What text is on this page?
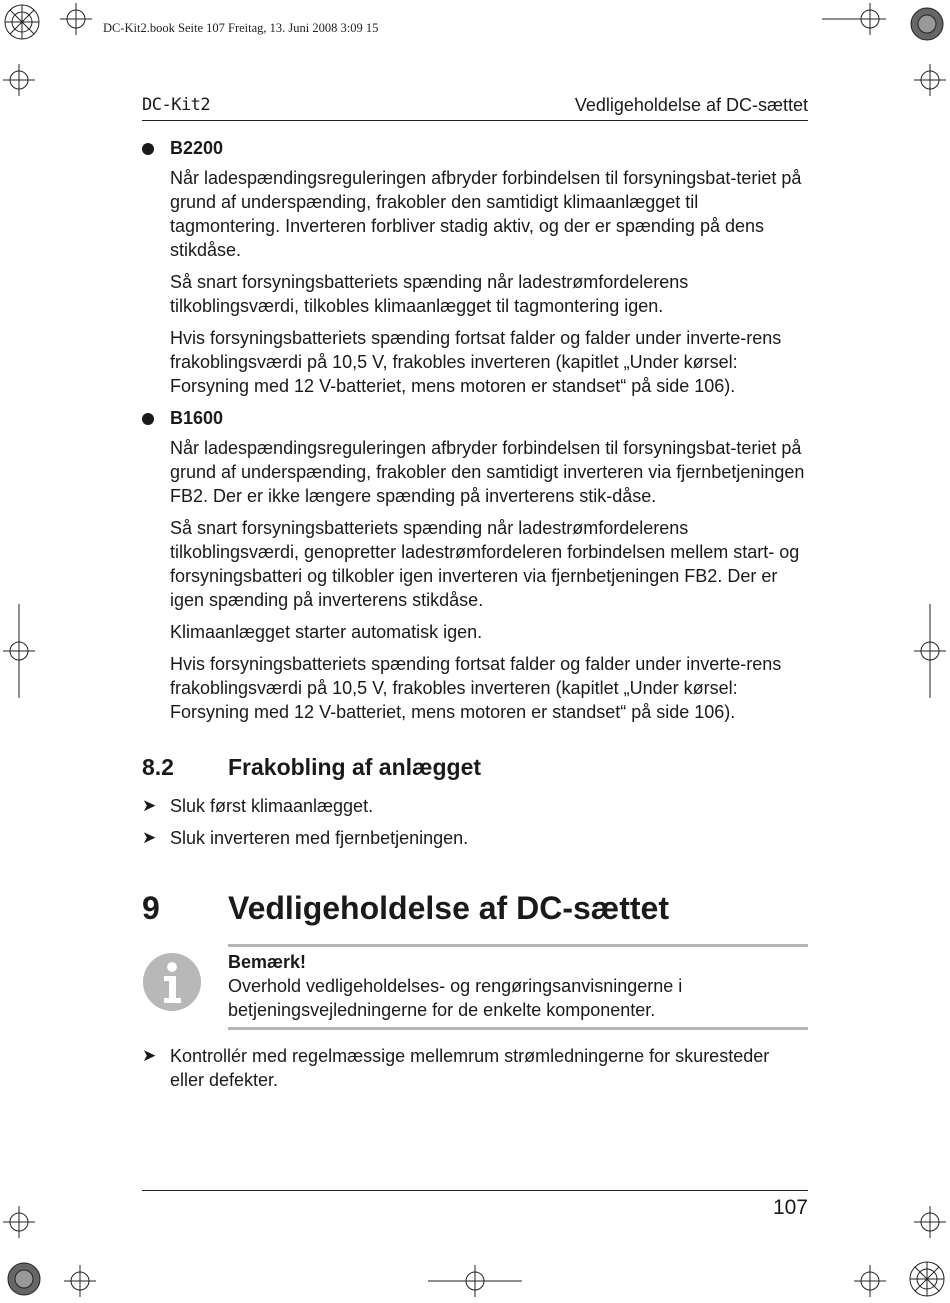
DC-Kit2.book Seite 107 Freitag, 13. Juni 2008 3:09 15
DC-Kit2	Vedligeholdelse af DC-sættet
B2200

Når ladespændingsreguleringen afbryder forbindelsen til forsyningsbat-teriet på grund af underspænding, frakobler den samtidigt klimaanlægget til tagmontering. Inverteren forbliver stadig aktiv, og der er spænding på dens stikdåse.

Så snart forsyningsbatteriets spænding når ladestrømfordelerens tilkoblingsværdi, tilkobles klimaanlægget til tagmontering igen.

Hvis forsyningsbatteriets spænding fortsat falder og falder under inverte-rens frakoblingsværdi på 10,5 V, frakobles inverteren (kapitlet „Under kørsel: Forsyning med 12 V-batteriet, mens motoren er standset“ på side 106).

B1600

Når ladespændingsreguleringen afbryder forbindelsen til forsyningsbat-teriet på grund af underspænding, frakobler den samtidigt inverteren via fjernbetjeningen FB2. Der er ikke længere spænding på inverterens stik-dåse.

Så snart forsyningsbatteriets spænding når ladestrømfordelerens tilkoblingsværdi, genopretter ladestrømfordeleren forbindelsen mellem start- og forsyningsbatteri og tilkobler igen inverteren via fjernbetjeningen FB2. Der er igen spænding på inverterens stikdåse.

Klimaanlægget starter automatisk igen.

Hvis forsyningsbatteriets spænding fortsat falder og falder under inverte-rens frakoblingsværdi på 10,5 V, frakobles inverteren (kapitlet „Under kørsel: Forsyning med 12 V-batteriet, mens motoren er standset“ på side 106).

8.2 Frakobling af anlægget
➤ Sluk først klimaanlægget.
➤ Sluk inverteren med fjernbetjeningen.
9 Vedligeholdelse af DC-sættet
Bemærk!
Overhold vedligeholdelses- og rengøringsanvisningerne i betjeningsvejledningerne for de enkelte komponenter.
➤ Kontrollér med regelmæssige mellemrum strømledningerne for skuresteder eller defekter.
107
